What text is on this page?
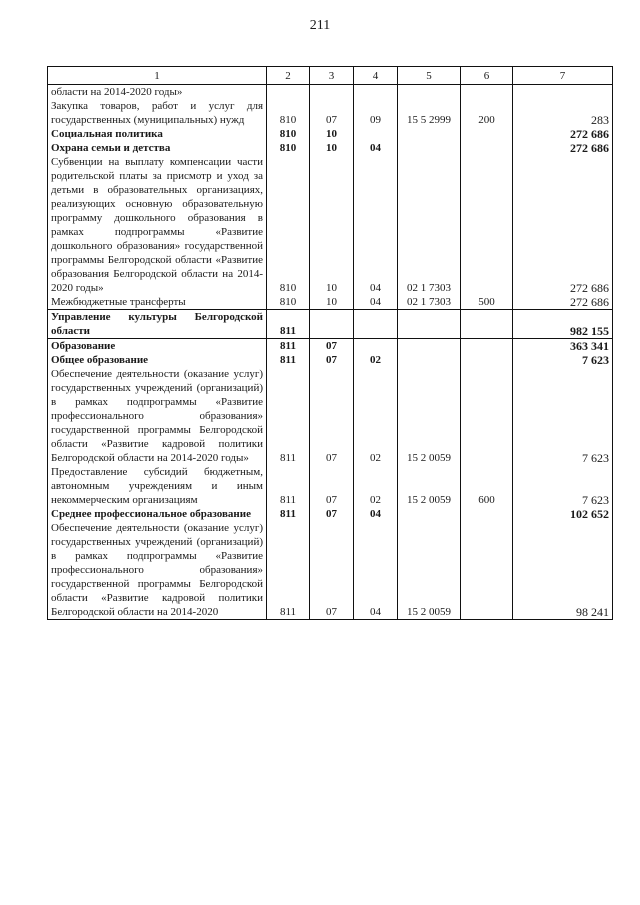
211
1	2	3	4	5	6	7
области на 2014-2020 годы»						
Закупка товаров, работ и услуг для государственных (муниципальных) нужд	810	07	09	15 5 2999	200	283
Социальная политика	810	10				272 686
Охрана семьи и детства	810	10	04			272 686
Субвенции на выплату компенсации части родительской платы за присмотр и уход за детьми в образовательных организациях, реализующих основную образовательную программу дошкольного образования в рамках подпрограммы «Развитие дошкольного образования» государственной программы Белгородской области «Развитие образования Белгородской области на 2014-2020 годы»	810	10	04	02 1 7303		272 686
Межбюджетные трансферты	810	10	04	02 1 7303	500	272 686
Управление культуры Белгородской области	811					982 155
Образование	811	07				363 341
Общее образование	811	07	02			7 623
Обеспечение деятельности (оказание услуг) государственных учреждений (организаций) в рамках подпрограммы «Развитие профессионального образования» государственной программы Белгородской области «Развитие кадровой политики Белгородской области на 2014-2020 годы»	811	07	02	15 2 0059		7 623
Предоставление субсидий бюджетным, автономным учреждениям и иным некоммерческим организациям	811	07	02	15 2 0059	600	7 623
Среднее профессиональное образование	811	07	04			102 652
Обеспечение деятельности (оказание услуг) государственных учреждений (организаций) в рамках подпрограммы «Развитие профессионального образования» государственной программы Белгородской области «Развитие кадровой политики Белгородской области на 2014-2020	811	07	04	15 2 0059		98 241
